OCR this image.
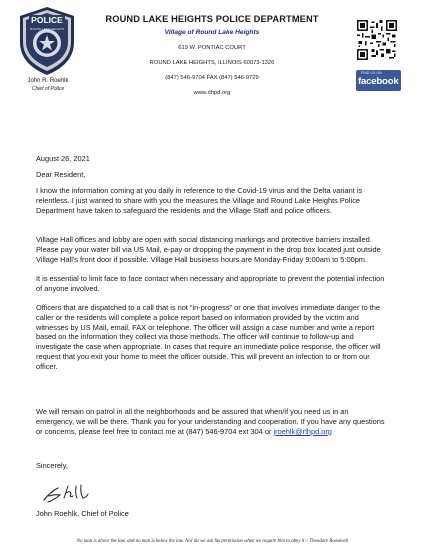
POLICE
ROUND LAKE HEIGHTS
John R. Roehlk
Chief of Police
ROUND LAKE HEIGHTS POLICE DEPARTMENT
Village of Round Lake Heights
619 W. PONTIAC COURT
ROUND LAKE HEIGHTS, ILLINOIS 60073-1326
(847) 546-9704 FAX (847) 546-9729
www.rlhpd.org
FIND US ON
facebook
August 26, 2021
Dear Resident,
I know the information coming at you daily in reference to the Covid-19 virus and the Delta variant is relentless. I just wanted to share with you the measures the Village and Round Lake Heights Police Department have taken to safeguard the residents and the Village Staff and police officers.
Village Hall offices and lobby are open with social distancing markings and protective barriers installed. Please pay your water bill via US Mail, e-pay or dropping the payment in the drop box located just outside Village Hall's front door if possible. Village Hall business hours are Monday-Friday 9:00am to 5:00pm.
It is essential to limit face to face contact when necessary and appropriate to prevent the potential infection of anyone involved.
Officers that are dispatched to a call that is not "in-progress" or one that involves immediate danger to the caller or the residents will complete a police report based on information provided by the victim and witnesses by US Mail, email, FAX or telephone. The officer will assign a case number and write a report based on the information they collect via those methods. The officer will continue to follow-up and investigate the case when appropriate. In cases that require an immediate police response, the officer will request that you exit your home to meet the officer outside. This will prevent an infection to or from our officer.
We will remain on patrol in all the neighborhoods and be assured that when/if you need us in an emergency, we will be there. Thank you for your understanding and cooperation. If you have any questions or concerns, please feel free to contact me at (847) 546-9704 ext 304 or jroehlk@rlhpd.org
Sincerely,
John Roehlk, Chief of Police
No man is above the law, and no man is below the law. Nor do we ask his permission when we require him to obey it ~ Theodore Roosevelt
